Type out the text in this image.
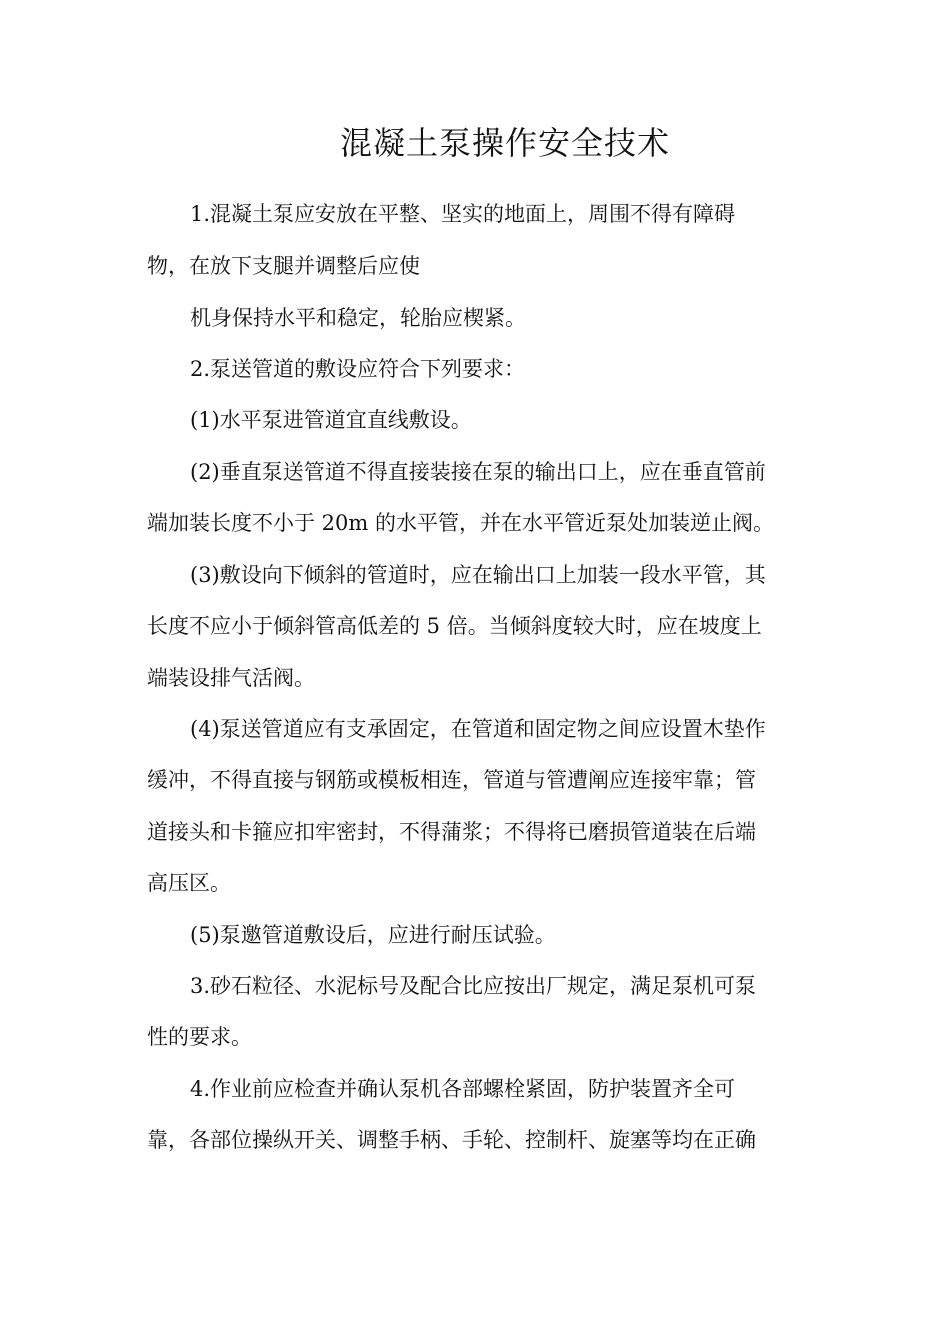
混凝土泵操作安全技术
1.混凝土泵应安放在平整、坚实的地面上，周围不得有障碍
物，在放下支腿并调整后应使
机身保持水平和稳定，轮胎应楔紧。
2.泵送管道的敷设应符合下列要求：
(1)水平泵进管道宜直线敷设。
(2)垂直泵送管道不得直接装接在泵的输出口上，应在垂直管前
端加装长度不小于 20m 的水平管，并在水平管近泵处加装逆止阀。
(3)敷设向下倾斜的管道时，应在输出口上加装一段水平管，其
长度不应小于倾斜管高低差的 5 倍。当倾斜度较大时，应在坡度上
端装设排气活阀。
(4)泵送管道应有支承固定，在管道和固定物之间应设置木垫作
缓冲，不得直接与钢筋或模板相连，管道与管遭阐应连接牢靠；管
道接头和卡箍应扣牢密封，不得蒲浆；不得将已磨损管道装在后端
高压区。
(5)泵邀管道敷设后，应进行耐压试验。
3.砂石粒径、水泥标号及配合比应按出厂规定，满足泵机可泵
性的要求。
4.作业前应检查并确认泵机各部螺栓紧固，防护装置齐全可
靠，各部位操纵开关、调整手柄、手轮、控制杆、旋塞等均在正确
